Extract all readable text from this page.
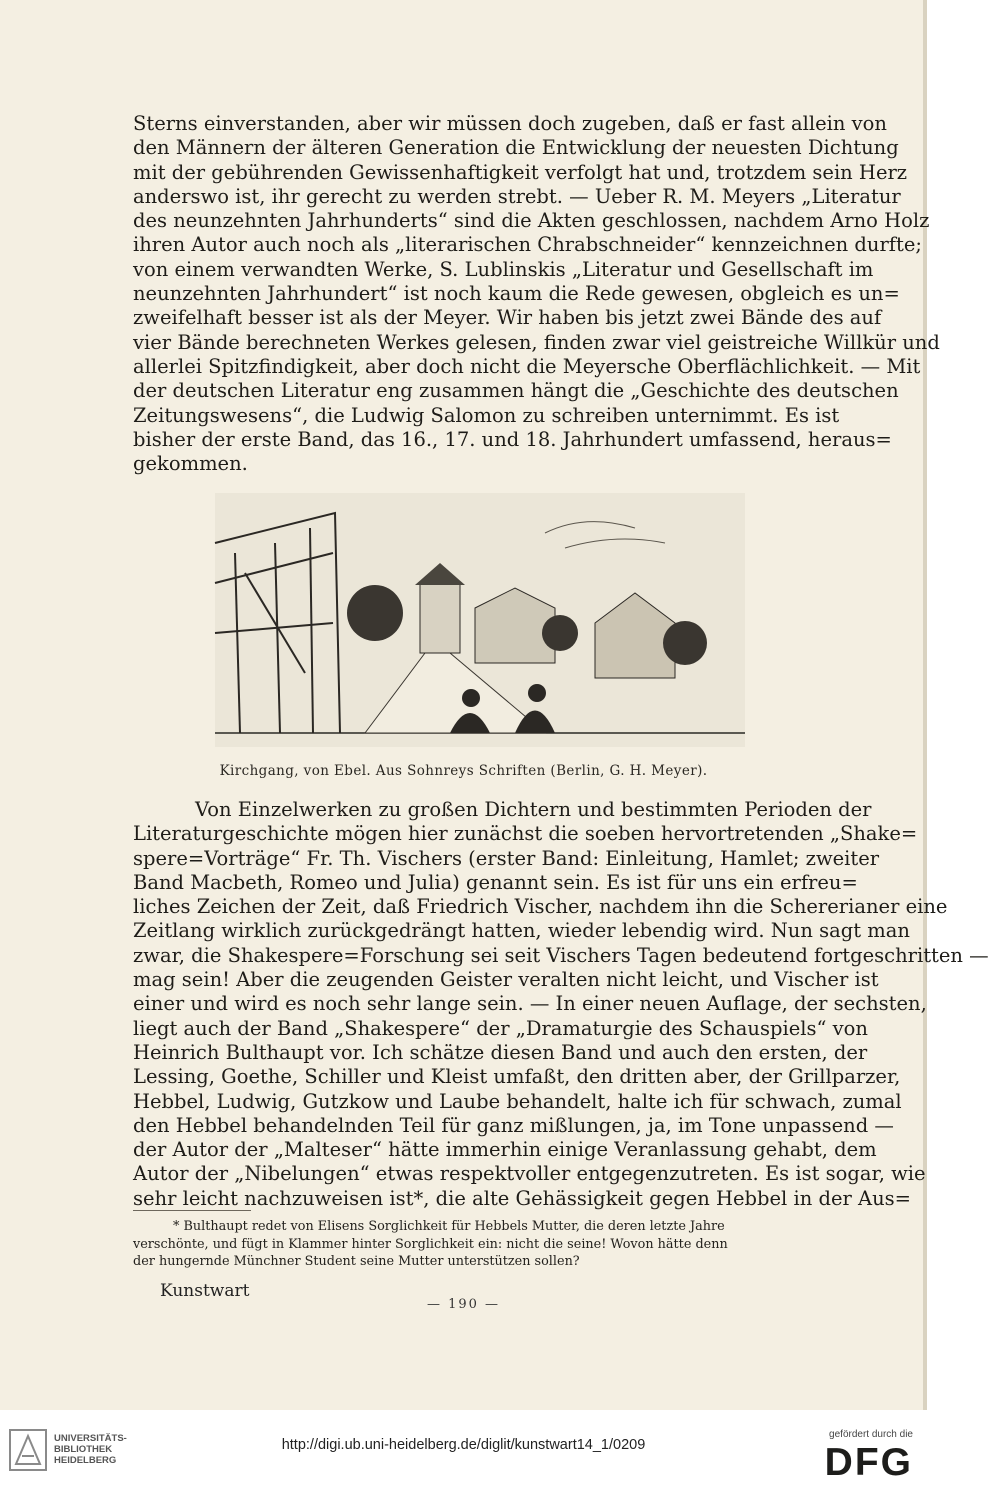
Sterns einverstanden, aber wir müssen doch zugeben, daß er fast allein von
den Männern der älteren Generation die Entwicklung der neuesten Dichtung
mit der gebührenden Gewissenhaftigkeit verfolgt hat und, trotzdem sein Herz
anderswo ist, ihr gerecht zu werden strebt. — Ueber R. M. Meyers „Literatur
des neunzehnten Jahrhunderts“ sind die Akten geschlossen, nachdem Arno Holz
ihren Autor auch noch als „literarischen Chrabschneider“ kennzeichnen durfte;
von einem verwandten Werke, S. Lublinskis „Literatur und Gesellschaft im
neunzehnten Jahrhundert“ ist noch kaum die Rede gewesen, obgleich es un=
zweifelhaft besser ist als der Meyer. Wir haben bis jetzt zwei Bände des auf
vier Bände berechneten Werkes gelesen, finden zwar viel geistreiche Willkür und
allerlei Spitzfindigkeit, aber doch nicht die Meyersche Oberflächlichkeit. — Mit
der deutschen Literatur eng zusammen hängt die „Geschichte des deutschen
Zeitungswesens“, die Ludwig Salomon zu schreiben unternimmt. Es ist
bisher der erste Band, das 16., 17. und 18. Jahrhundert umfassend, heraus=
gekommen.
Kirchgang, von Ebel. Aus Sohnreys Schriften (Berlin, G. H. Meyer).
Von Einzelwerken zu großen Dichtern und bestimmten Perioden der
Literaturgeschichte mögen hier zunächst die soeben hervortretenden „Shake=
spere=Vorträge“ Fr. Th. Vischers (erster Band: Einleitung, Hamlet; zweiter
Band Macbeth, Romeo und Julia) genannt sein. Es ist für uns ein erfreu=
liches Zeichen der Zeit, daß Friedrich Vischer, nachdem ihn die Schererianer eine
Zeitlang wirklich zurückgedrängt hatten, wieder lebendig wird. Nun sagt man
zwar, die Shakespere=Forschung sei seit Vischers Tagen bedeutend fortgeschritten —
mag sein! Aber die zeugenden Geister veralten nicht leicht, und Vischer ist
einer und wird es noch sehr lange sein. — In einer neuen Auflage, der sechsten,
liegt auch der Band „Shakespere“ der „Dramaturgie des Schauspiels“ von
Heinrich Bulthaupt vor. Ich schätze diesen Band und auch den ersten, der
Lessing, Goethe, Schiller und Kleist umfaßt, den dritten aber, der Grillparzer,
Hebbel, Ludwig, Gutzkow und Laube behandelt, halte ich für schwach, zumal
den Hebbel behandelnden Teil für ganz mißlungen, ja, im Tone unpassend —
der Autor der „Malteser“ hätte immerhin einige Veranlassung gehabt, dem
Autor der „Nibelungen“ etwas respektvoller entgegenzutreten. Es ist sogar, wie
sehr leicht nachzuweisen ist*, die alte Gehässigkeit gegen Hebbel in der Aus=
* Bulthaupt redet von Elisens Sorglichkeit für Hebbels Mutter, die deren letzte Jahre
verschönte, und fügt in Klammer hinter Sorglichkeit ein: nicht die seine! Wovon hätte denn
der hungernde Münchner Student seine Mutter unterstützen sollen?
Kunstwart
— 190 —
UNIVERSITÄTS-
BIBLIOTHEK
HEIDELBERG
http://digi.ub.uni-heidelberg.de/diglit/kunstwart14_1/0209
gefördert durch die
DFG
